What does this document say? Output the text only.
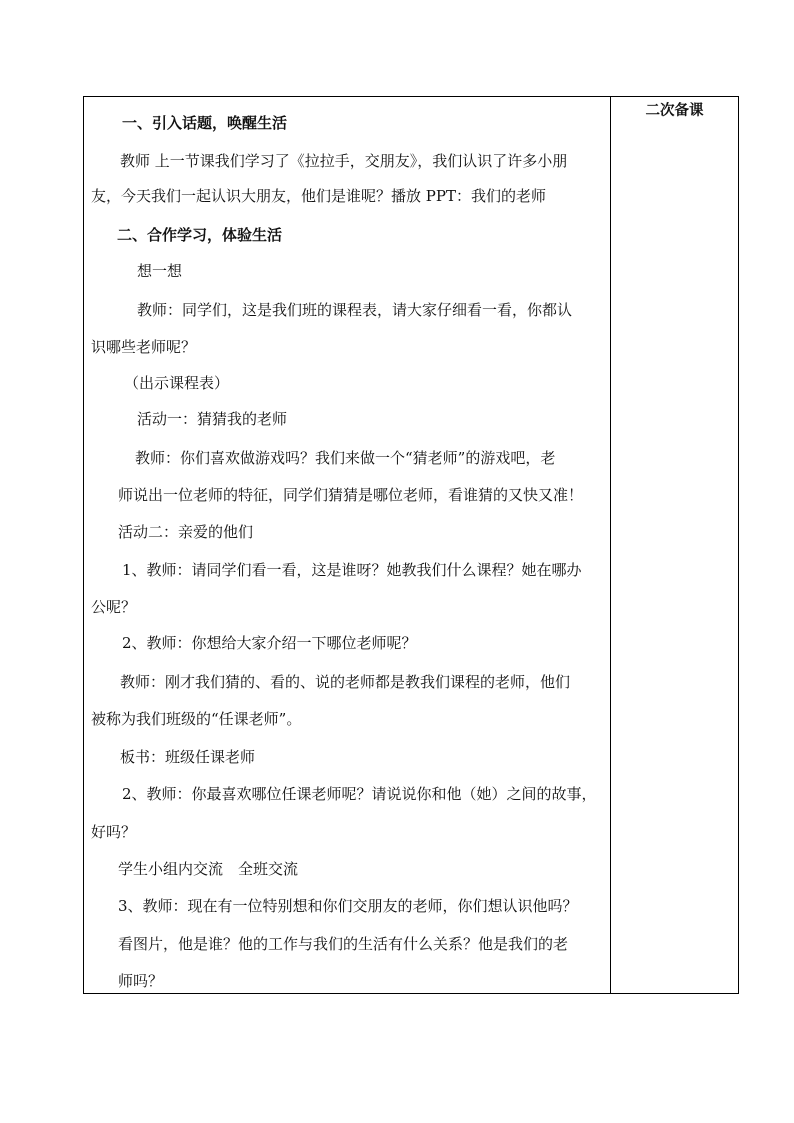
一、引入话题，唤醒生活
教师 上一节课我们学习了《拉拉手，交朋友》，我们认识了许多小朋
友，今天我们一起认识大朋友，他们是谁呢？播放 PPT：我们的老师
二、合作学习，体验生活
想一想
教师：同学们，这是我们班的课程表，请大家仔细看一看，你都认
识哪些老师呢？
（出示课程表）
活动一：猜猜我的老师
教师：你们喜欢做游戏吗？我们来做一个“猜老师”的游戏吧，老
师说出一位老师的特征，同学们猜猜是哪位老师，看谁猜的又快又准！
活动二：亲爱的他们
1、教师：请同学们看一看，这是谁呀？她教我们什么课程？她在哪办
公呢？
2、教师：你想给大家介绍一下哪位老师呢？
教师：刚才我们猜的、看的、说的老师都是教我们课程的老师，他们
被称为我们班级的“任课老师”。
板书：班级任课老师
2、教师：你最喜欢哪位任课老师呢？请说说你和他（她）之间的故事，
好吗？
学生小组内交流　全班交流
3、教师：现在有一位特别想和你们交朋友的老师，你们想认识他吗？
看图片，他是谁？他的工作与我们的生活有什么关系？他是我们的老
师吗？
二次备课
